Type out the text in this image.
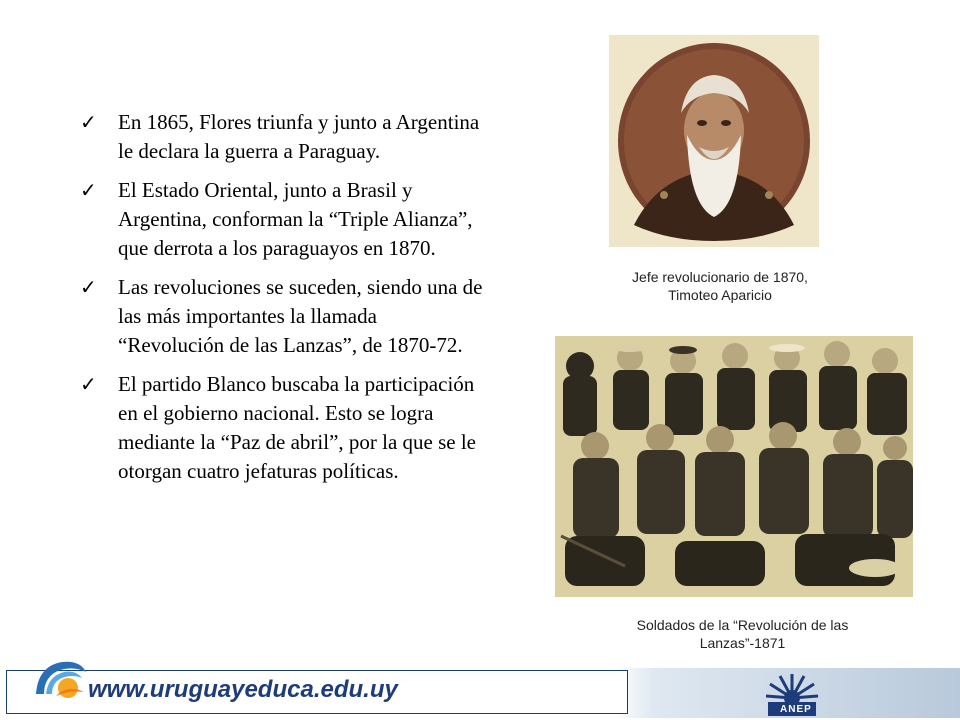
✓ En 1865, Flores triunfa y junto a Argentina le declara la guerra a Paraguay.
✓ El Estado Oriental, junto a Brasil y Argentina, conforman la “Triple Alianza”, que derrota a los paraguayos en 1870.
✓ Las revoluciones se suceden, siendo una de las más importantes la llamada “Revolución de las Lanzas”, de 1870-72.
✓ El partido Blanco buscaba la participación en el gobierno nacional. Esto se logra mediante la “Paz de abril”, por la que se le otorgan cuatro jefaturas políticas.
Jefe revolucionario de 1870,
Timoteo Aparicio
Soldados de la “Revolución de las
Lanzas”-1871
www.uruguayeduca.edu.uy
ANEP
